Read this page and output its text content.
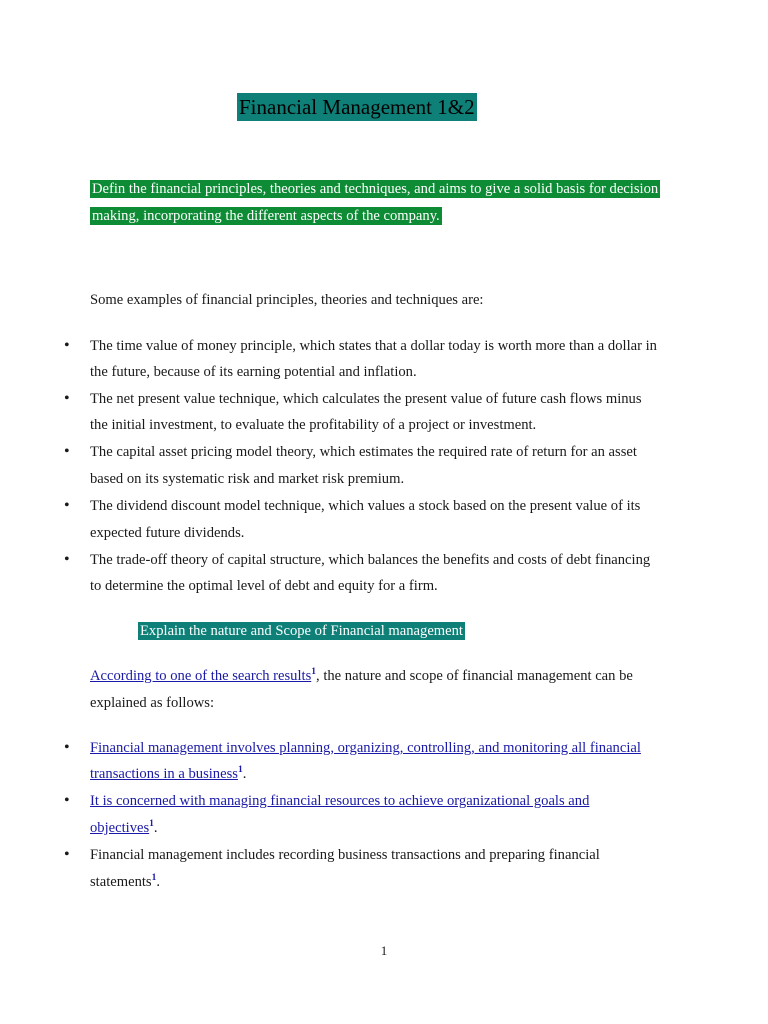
Financial Management 1&2
Defin the financial principles, theories and techniques, and aims to give a solid basis for decision
making, incorporating the different aspects of the company.
Some examples of financial principles, theories and techniques are:
• The time value of money principle, which states that a dollar today is worth more than a dollar in
the future, because of its earning potential and inflation.
• The net present value technique, which calculates the present value of future cash flows minus
the initial investment, to evaluate the profitability of a project or investment.
• The capital asset pricing model theory, which estimates the required rate of return for an asset
based on its systematic risk and market risk premium.
• The dividend discount model technique, which values a stock based on the present value of its
expected future dividends.
• The trade-off theory of capital structure, which balances the benefits and costs of debt financing
to determine the optimal level of debt and equity for a firm.
Explain the nature and Scope of Financial management
According to one of the search results$^1$, the nature and scope of financial management can be
explained as follows:
• Financial management involves planning, organizing, controlling, and monitoring all financial
transactions in a business$^1$.
• It is concerned with managing financial resources to achieve organizational goals and
objectives$^1$.
• Financial management includes recording business transactions and preparing financial
statements$^1$.
1
